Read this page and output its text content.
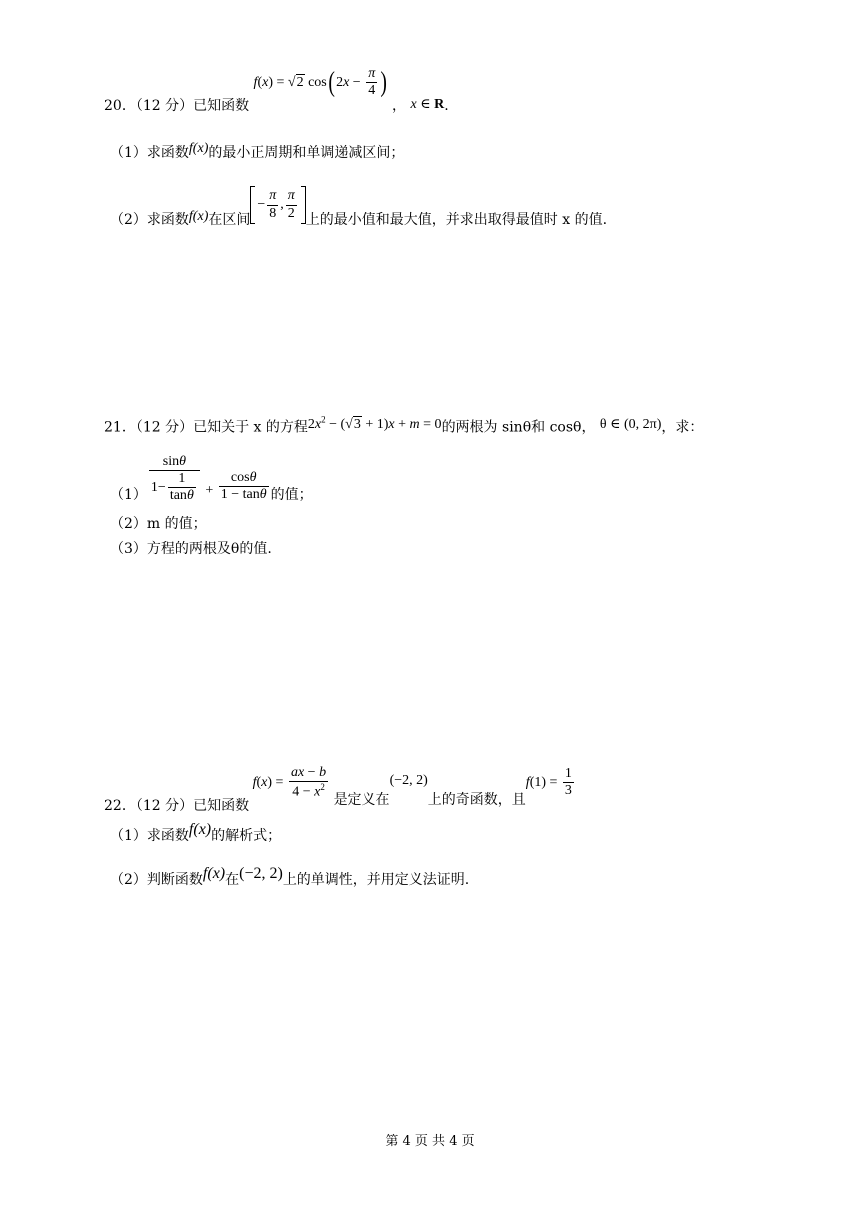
20．（12 分）已知函数 f(x) = √2 $\cos(2x - \frac{\pi}{4}$ ) ， x ∈ R.
（1）求函数f(x)的最小正周期和单调递减区间；
（2）求函数f(x)在区间− $\frac{\pi}{8}$ , $\frac{\pi}{2}$ 上的最小值和最大值，并求出取得最值时 x 的值.
21．（12 分）已知关于 x 的方程$2x^2 - (√3 + 1)x + m = 0$的两根为 sinθ和 cosθ， θ ∈ (0, 2π)，求：
$(1) \frac{\sin\theta}{1- \frac{1}{\tan\theta}} + \frac{\cos\theta}{1 - \tan\theta}$ 的值；
（2）m 的值；
（3）方程的两根及θ的值.
22．（12 分）已知函数 $f(x) = \frac{ax - b}{4 - x^2}$ 是定义在(−2, 2)上的奇函数，且$f(1) = \frac{1}{3}$
（1）求函数f(x)的解析式；
（2）判断函数f(x)在(−2, 2)上的单调性，并用定义法证明.
第 4 页 共 4 页
